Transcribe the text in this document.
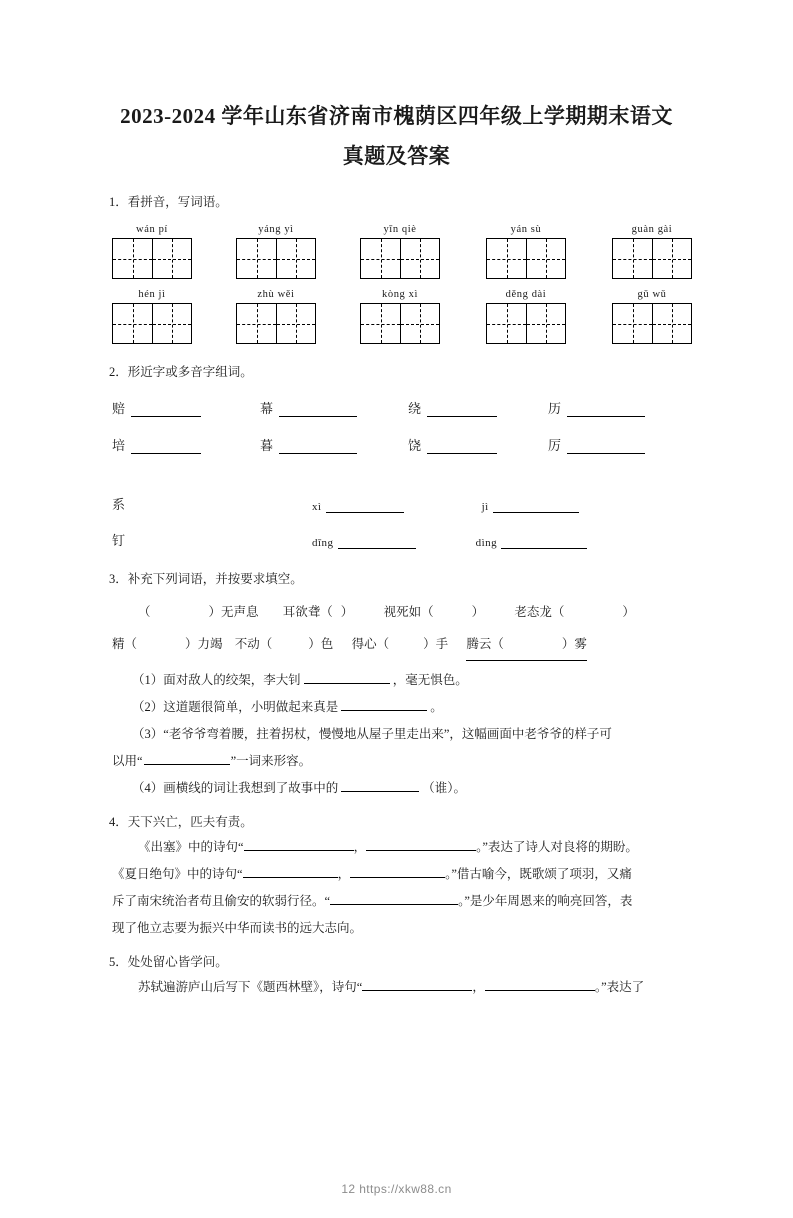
2023-2024 学年山东省济南市槐荫区四年级上学期期末语文
真题及答案
1．看拼音，写词语。
wán pí	yáng yì	yīn qiè	yán sù	guàn gài
hén jì	zhù wěi	kòng xì	děng dài	gǔ wǔ
2．形近字或多音字组词。
赔	幕	绕	历
培	暮	饶	厉
系	xì	jì
钉	dīng	dìng
3．补充下列词语，并按要求填空。
（	）无声息 耳欲聋（ ） 视死如（	） 老态龙（	）
精（	）力竭 不动（	）色 得心（	）手 腾云（	）雾
（1）面对敌人的绞架，李大钊	，毫无惧色。
（2）这道题很简单，小明做起来真是	。
（3）“老爷爷弯着腰，拄着拐杖，慢慢地从屋子里走出来”，这幅画面中老爷爷的样子可
以用“	”一词来形容。
（4）画横线的词让我想到了故事中的	（谁）。
4．天下兴亡，匹夫有责。
《出塞》中的诗句“	，	。”表达了诗人对良将的期盼。
《夏日绝句》中的诗句“	，	。”借古喻今，既歌颂了项羽，又痛
斥了南宋统治者苟且偷安的软弱行径。“	。”是少年周恩来的响亮回答，表
现了他立志要为振兴中华而读书的远大志向。
5．处处留心皆学问。
苏轼遍游庐山后写下《题西林壁》，诗句“	，	。”表达了
12 https://xkw88.cn
